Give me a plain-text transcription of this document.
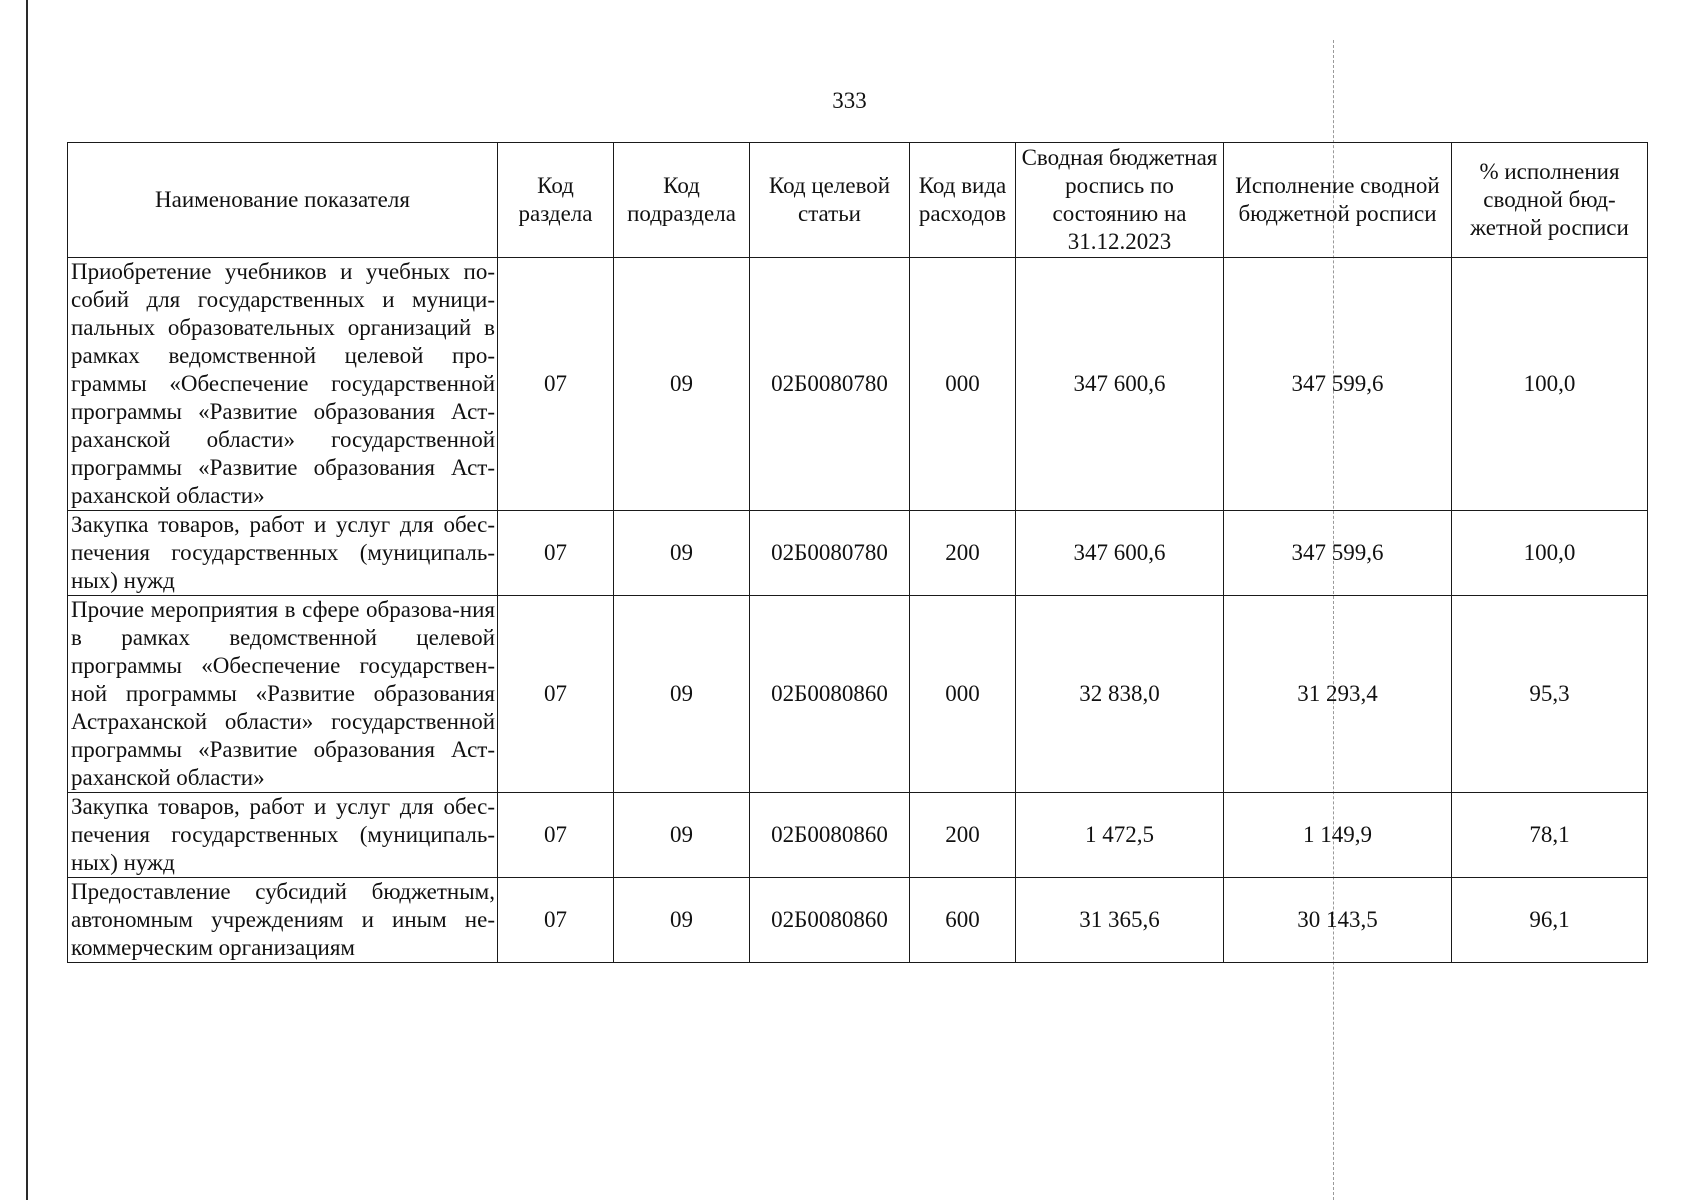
333
Наименование показателя	Код раздела	Код подраздела	Код целевой статьи	Код вида расходов	Сводная бюджетная роспись по состоянию на 31.12.2023	Исполнение сводной бюджетной росписи	% исполнения сводной бюд-жетной росписи
Приобретение учебников и учебных по-собий для государственных и муници-пальных образовательных организаций в рамках ведомственной целевой про-граммы «Обеспечение государственной программы «Развитие образования Аст-раханской области» государственной программы «Развитие образования Аст-раханской области»	07	09	02Б0080780	000	347 600,6	347 599,6	100,0
Закупка товаров, работ и услуг для обес-печения государственных (муниципаль-ных) нужд	07	09	02Б0080780	200	347 600,6	347 599,6	100,0
Прочие мероприятия в сфере образова-ния в рамках ведомственной целевой программы «Обеспечение государствен-ной программы «Развитие образования Астраханской области» государственной программы «Развитие образования Аст-раханской области»	07	09	02Б0080860	000	32 838,0	31 293,4	95,3
Закупка товаров, работ и услуг для обес-печения государственных (муниципаль-ных) нужд	07	09	02Б0080860	200	1 472,5	1 149,9	78,1
Предоставление субсидий бюджетным, автономным учреждениям и иным не-коммерческим организациям	07	09	02Б0080860	600	31 365,6	30 143,5	96,1
